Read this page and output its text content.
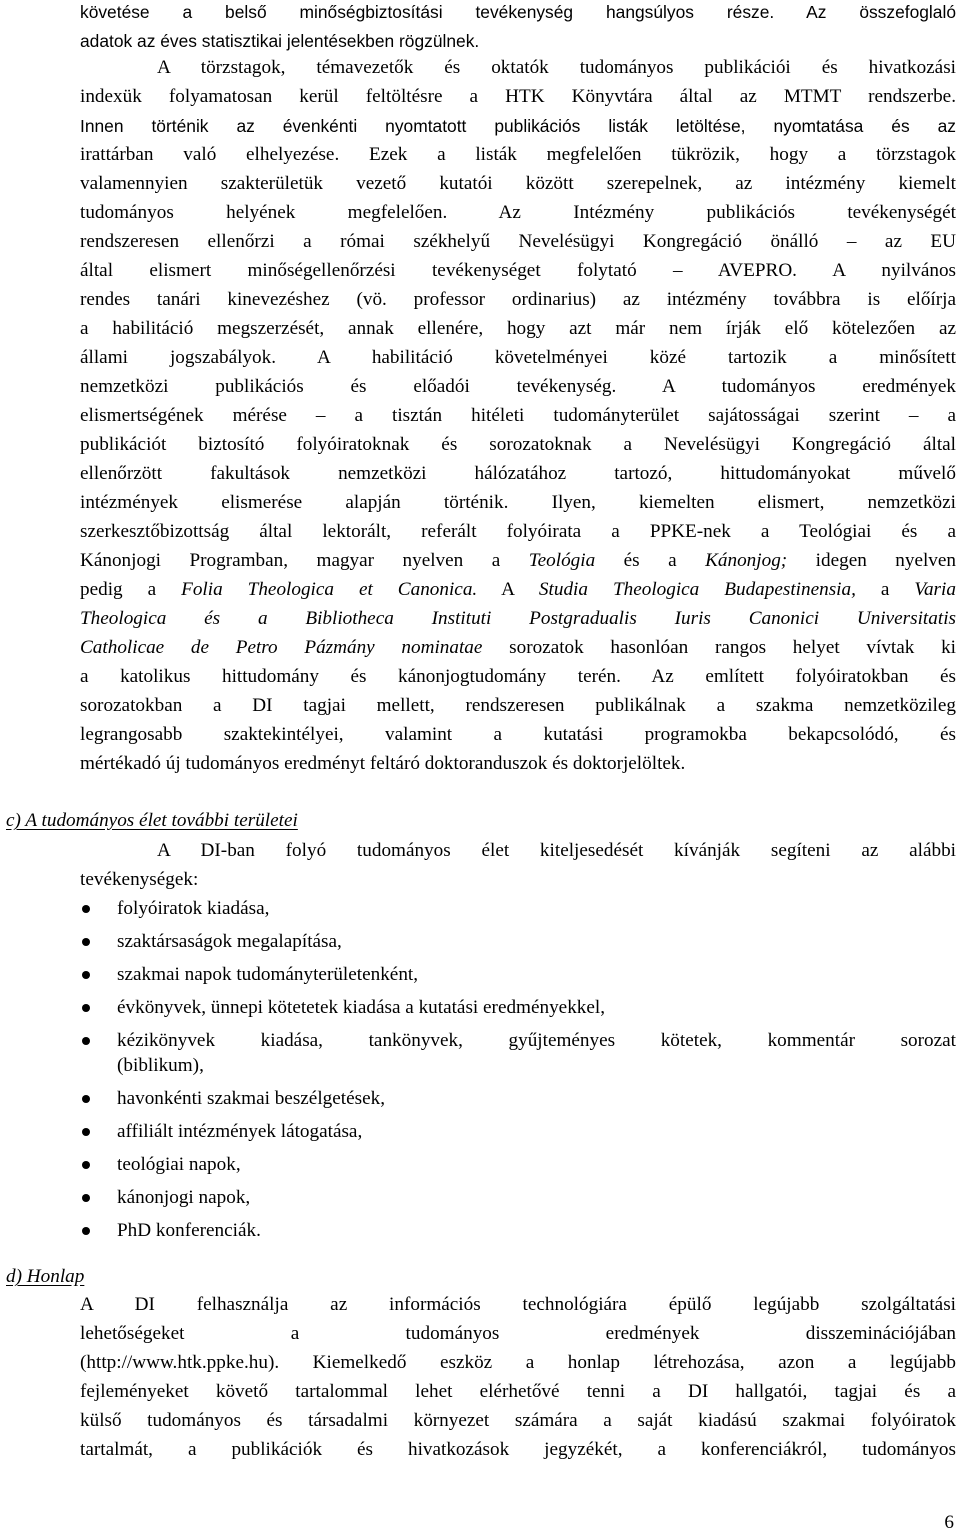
követése a belső minőségbiztosítási tevékenység hangsúlyos része. Az összefoglaló
adatok az éves statisztikai jelentésekben rögzülnek.
A törzstagok, témavezetők és oktatók tudományos publikációi és hivatkozási
indexük folyamatosan kerül feltöltésre a HTK Könyvtára által az MTMT rendszerbe.
Innen történik az évenkénti nyomtatott publikációs listák letöltése, nyomtatása és az
irattárban való elhelyezése. Ezek a listák megfelelően tükrözik, hogy a törzstagok
valamennyien szakterületük vezető kutatói között szerepelnek, az intézmény kiemelt
tudományos helyének megfelelően. Az Intézmény publikációs tevékenységét
rendszeresen ellenőrzi a római székhelyű Nevelésügyi Kongregáció önálló – az EU
által elismert minőségellenőrzési tevékenységet folytató – AVEPRO. A nyilvános
rendes tanári kinevezéshez (vö. professor ordinarius) az intézmény továbbra is előírja
a habilitáció megszerzését, annak ellenére, hogy azt már nem írják elő kötelezően az
állami jogszabályok. A habilitáció követelményei közé tartozik a minősített
nemzetközi publikációs és előadói tevékenység. A tudományos eredmények
elismertségének mérése – a tisztán hitéleti tudományterület sajátosságai szerint – a
publikációt biztosító folyóiratoknak és sorozatoknak a Nevelésügyi Kongregáció által
ellenőrzött fakultások nemzetközi hálózatához tartozó, hittudományokat művelő
intézmények elismerése alapján történik. Ilyen, kiemelten elismert, nemzetközi
szerkesztőbizottság által lektorált, referált folyóirata a PPKE-nek a Teológiai és a
Kánonjogi Programban, magyar nyelven a Teológia és a Kánonjog; idegen nyelven
pedig a Folia Theologica et Canonica. A Studia Theologica Budapestinensia, a Varia
Theologica és a Bibliotheca Instituti Postgradualis Iuris Canonici Universitatis
Catholicae de Petro Pázmány nominatae sorozatok hasonlóan rangos helyet vívtak ki
a katolikus hittudomány és kánonjogtudomány terén. Az említett folyóiratokban és
sorozatokban a DI tagjai mellett, rendszeresen publikálnak a szakma nemzetközileg
legrangosabb szaktekintélyei, valamint a kutatási programokba bekapcsolódó, és
mértékadó új tudományos eredményt feltáró doktoranduszok és doktorjelöltek.
c) A tudományos élet további területei
A DI-ban folyó tudományos élet kiteljesedését kívánják segíteni az alábbi
tevékenységek:
folyóiratok kiadása,
szaktársaságok megalapítása,
szakmai napok tudományterületenként,
évkönyvek, ünnepi kötetetek kiadása a kutatási eredményekkel,
kézikönyvek kiadása, tankönyvek, gyűjteményes kötetek, kommentár sorozat
(biblikum),
havonkénti szakmai beszélgetések,
affiliált intézmények látogatása,
teológiai napok,
kánonjogi napok,
PhD konferenciák.
d) Honlap
A DI felhasználja az információs technológiára épülő legújabb szolgáltatási
lehetőségeket a tudományos eredmények disszeminációjában
(http://www.htk.ppke.hu). Kiemelkedő eszköz a honlap létrehozása, azon a legújabb
fejleményeket követő tartalommal lehet elérhetővé tenni a DI hallgatói, tagjai és a
külső tudományos és társadalmi környezet számára a saját kiadású szakmai folyóiratok
tartalmát, a publikációk és hivatkozások jegyzékét, a konferenciákról, tudományos
6
